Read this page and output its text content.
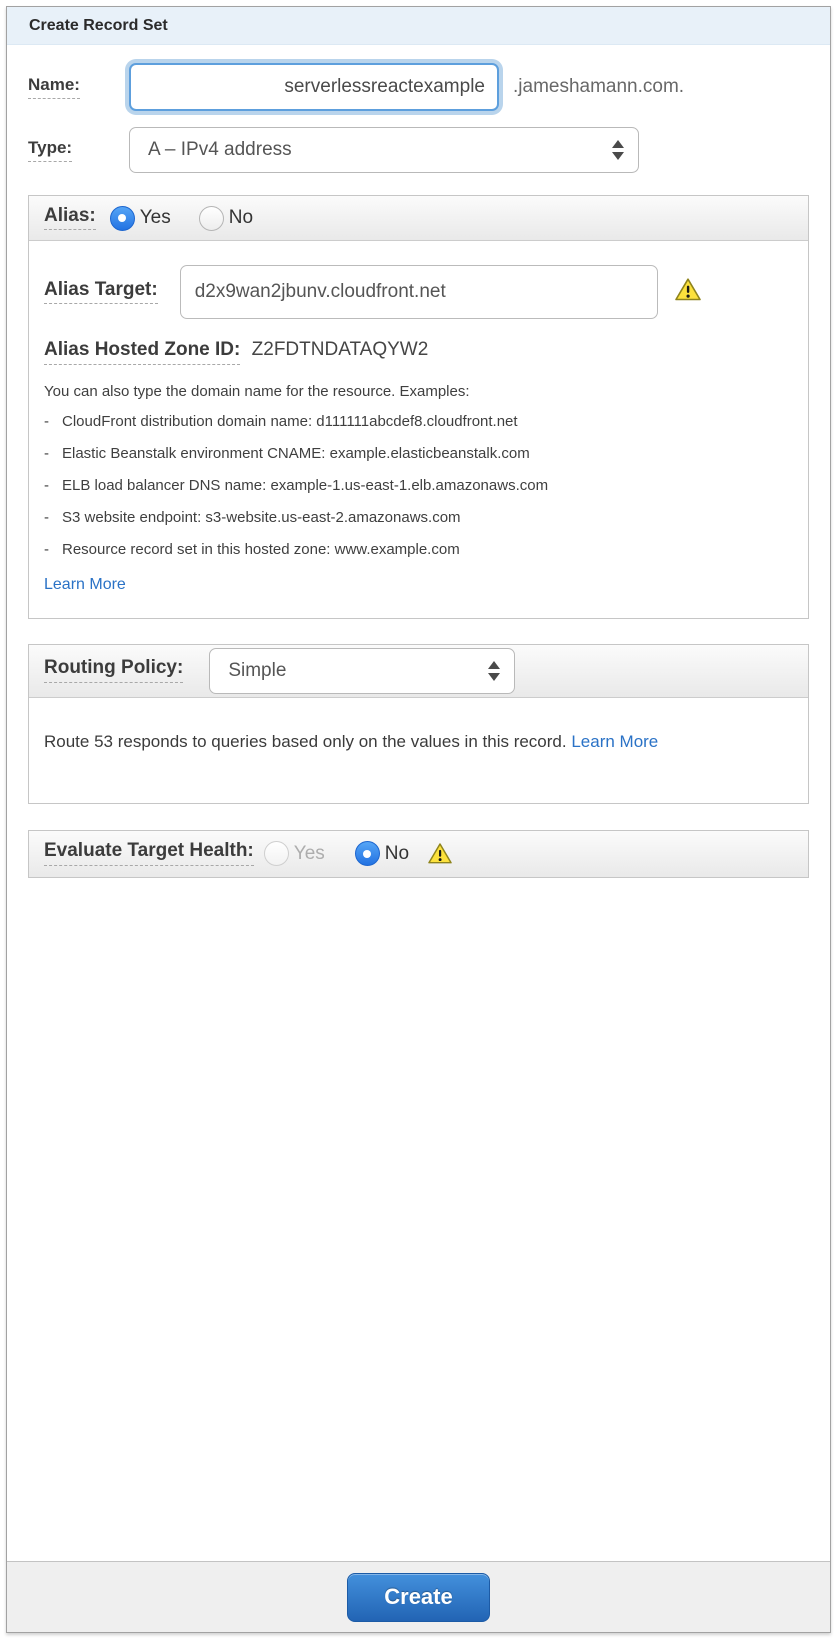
Create Record Set
Name:
serverlessreactexample	.jameshamann.com.
Type:	A – IPv4 address
Alias: Yes	No
Alias Target:
d2x9wan2jbunv.cloudfront.net
Alias Hosted Zone ID: Z2FDTNDATAQYW2
You can also type the domain name for the resource. Examples:
- CloudFront distribution domain name: d111111abcdef8.cloudfront.net
- Elastic Beanstalk environment CNAME: example.elasticbeanstalk.com
- ELB load balancer DNS name: example-1.us-east-1.elb.amazonaws.com
- S3 website endpoint: s3-website.us-east-2.amazonaws.com
- Resource record set in this hosted zone: www.example.com
Learn More
Routing Policy: Simple
Route 53 responds to queries based only on the values in this record. Learn More
Evaluate Target Health: Yes	No
Create
